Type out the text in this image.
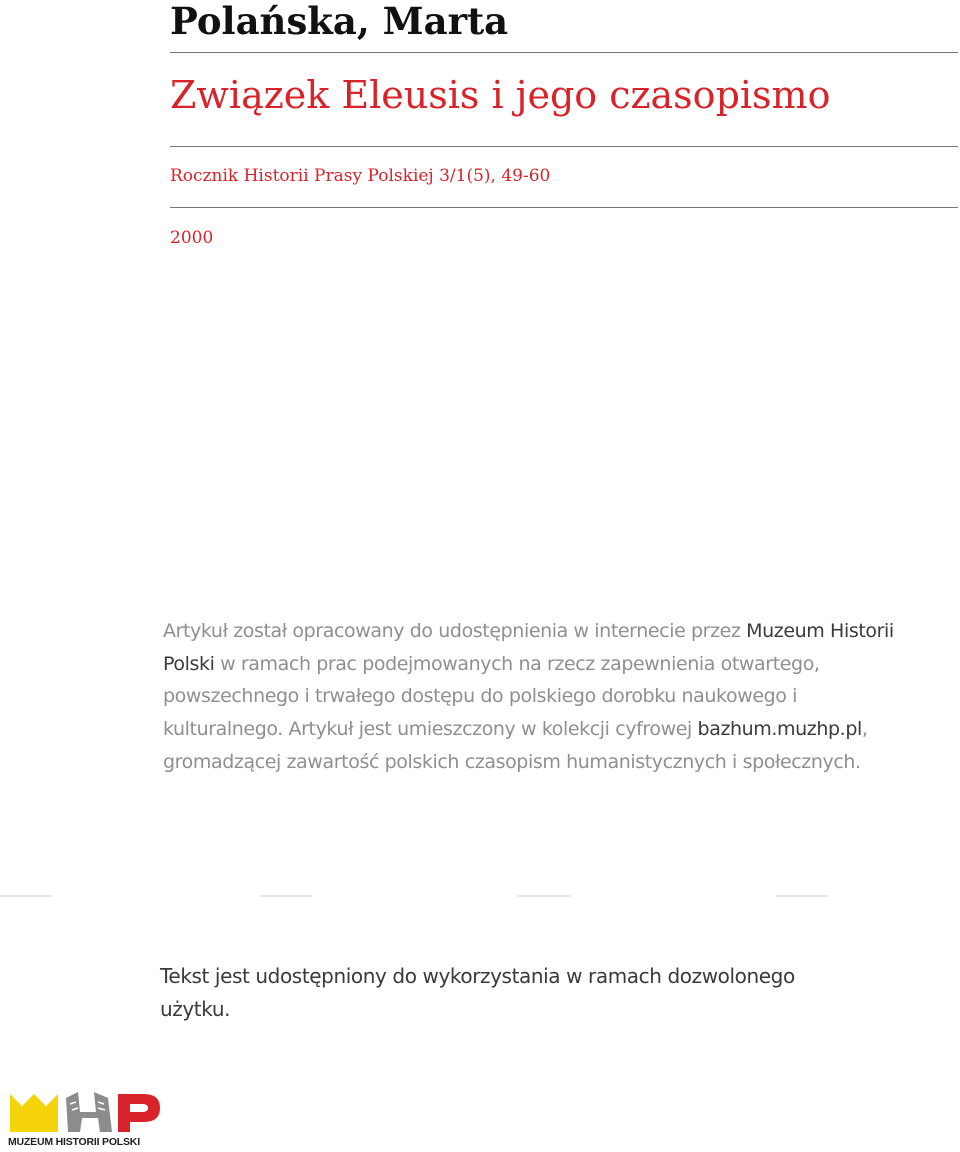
Polańska, Marta
Związek Eleusis i jego czasopismo
Rocznik Historii Prasy Polskiej 3/1(5), 49-60
2000
Artykuł został opracowany do udostępnienia w internecie przez Muzeum Historii Polski w ramach prac podejmowanych na rzecz zapewnienia otwartego, powszechnego i trwałego dostępu do polskiego dorobku naukowego i kulturalnego. Artykuł jest umieszczony w kolekcji cyfrowej bazhum.muzhp.pl, gromadzącej zawartość polskich czasopism humanistycznych i społecznych.
Tekst jest udostępniony do wykorzystania w ramach dozwolonego użytku.
MUZEUM HISTORII POLSKI
